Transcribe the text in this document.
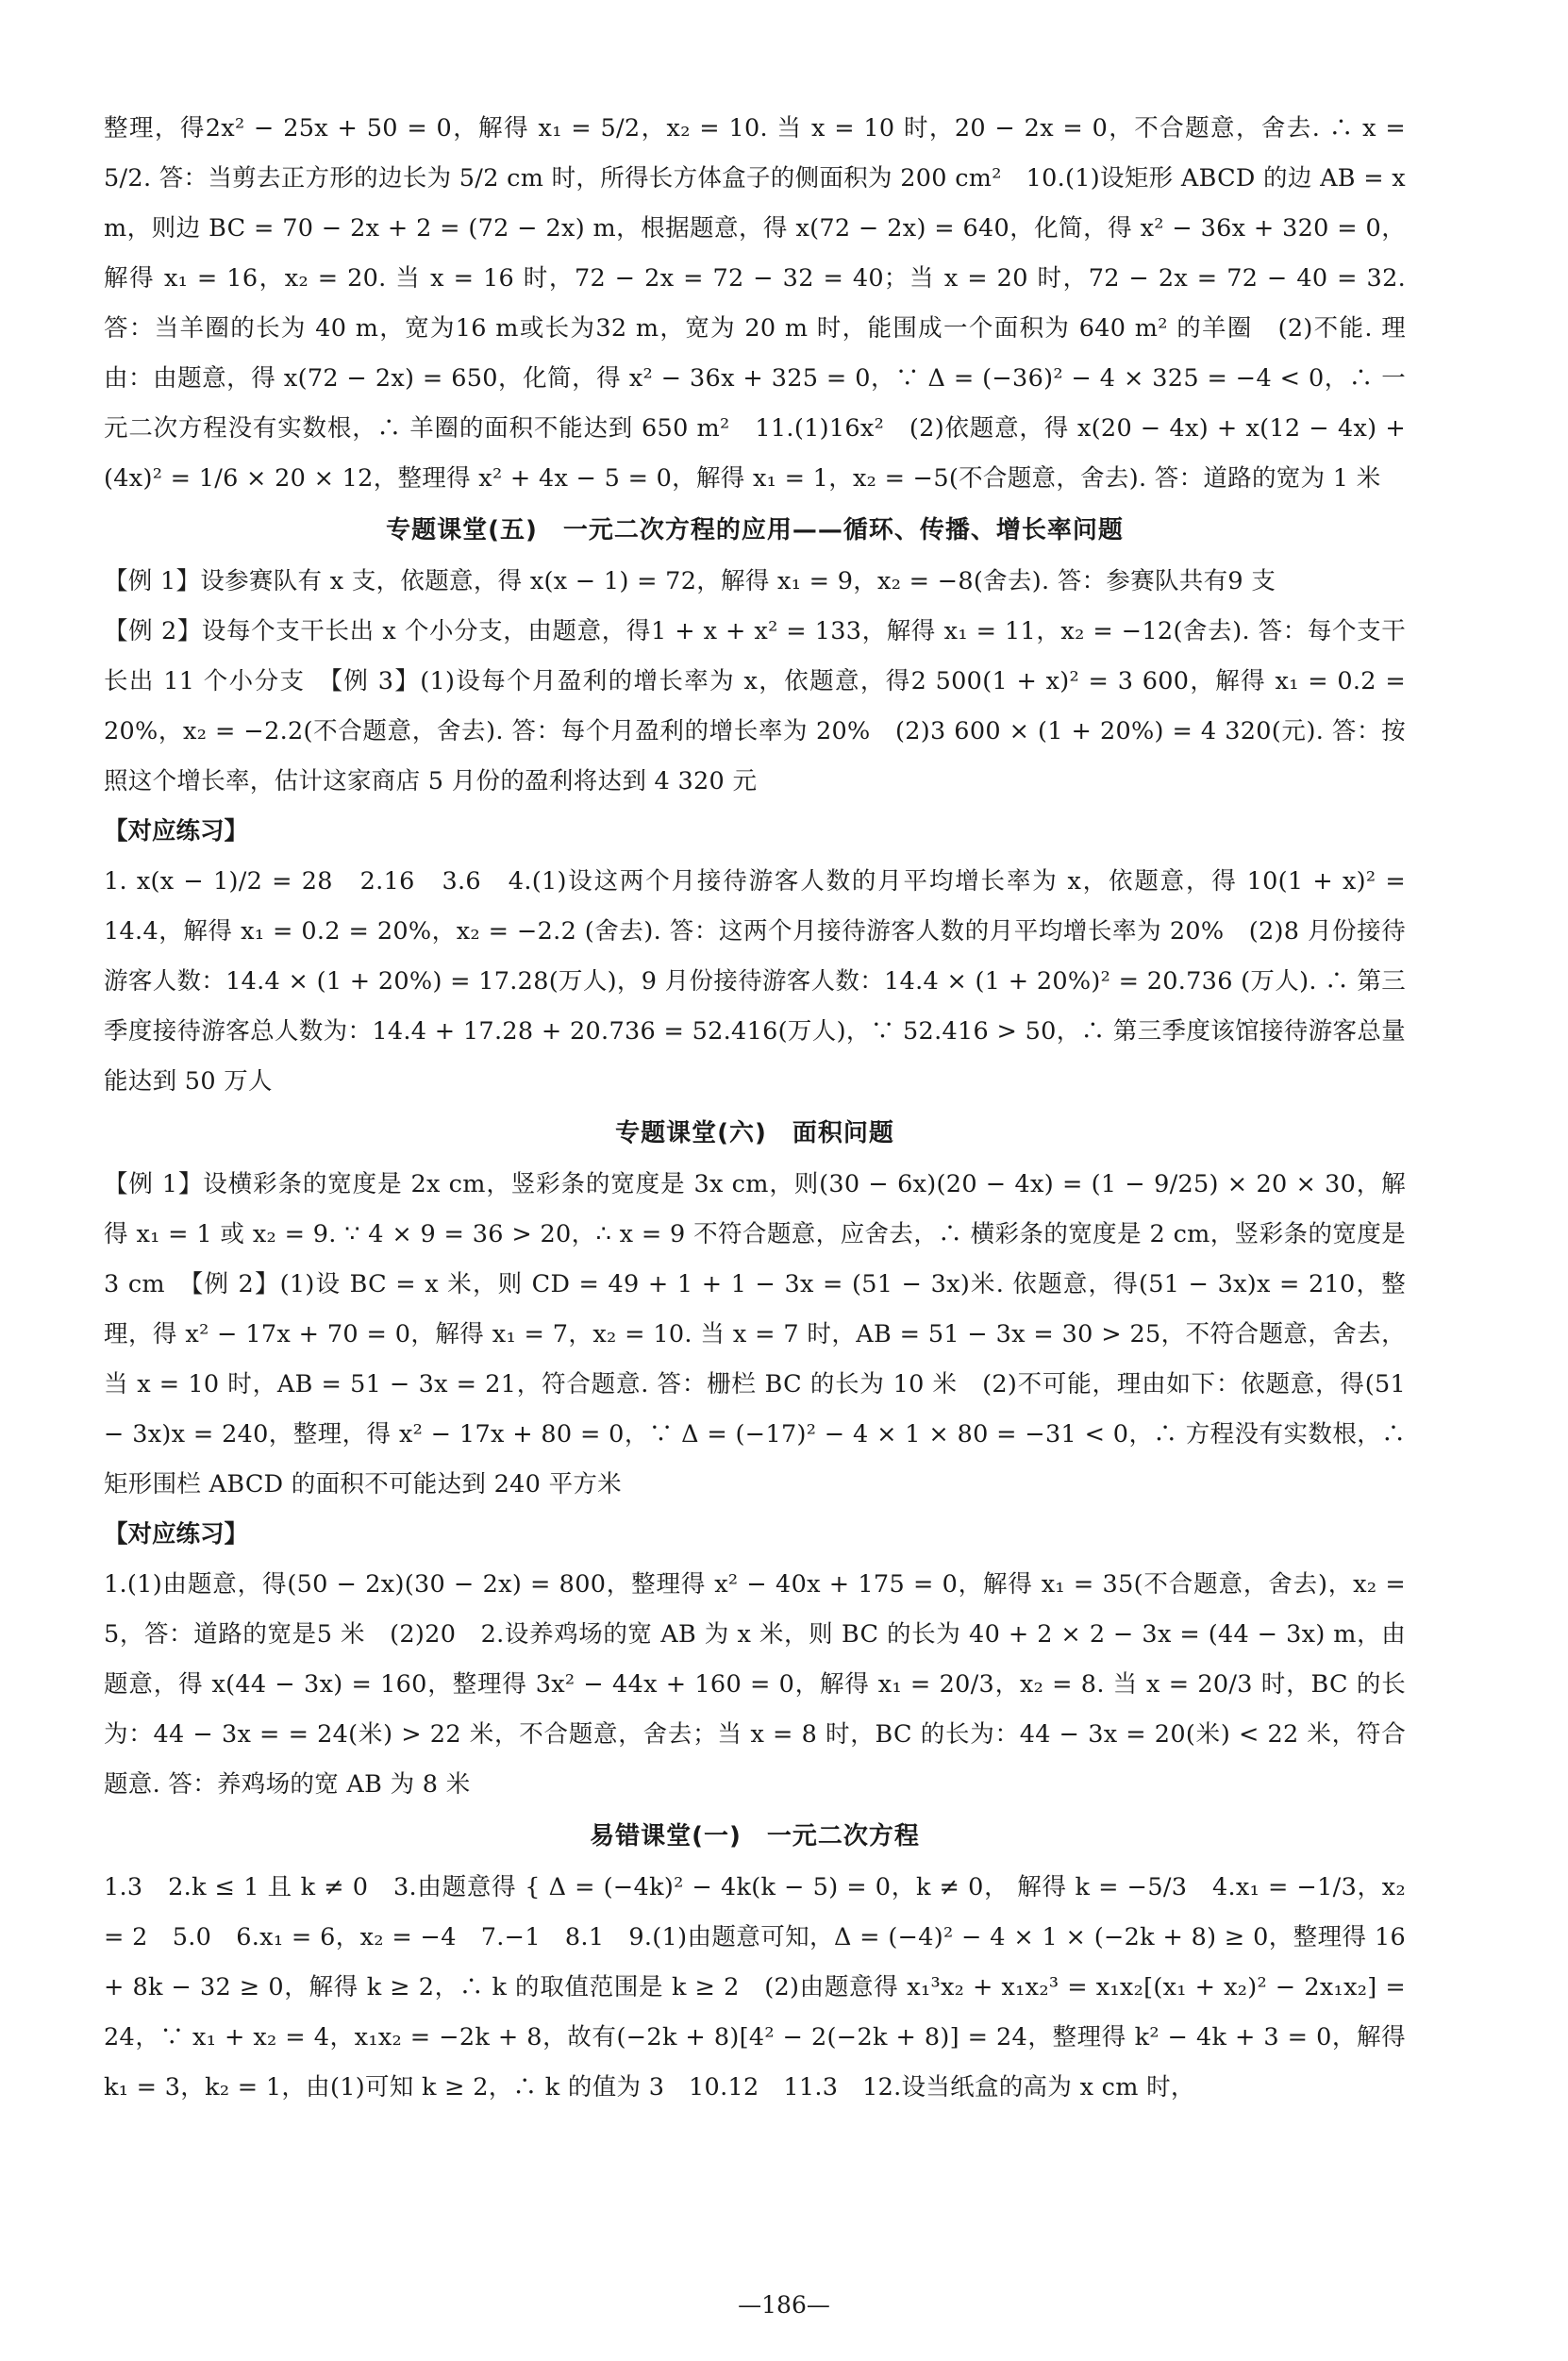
整理，得2x² − 25x + 50 = 0，解得 x₁ = 5/2，x₂ = 10. 当 x = 10 时，20 − 2x = 0，不合题意，舍去. ∴ x = 5/2. 答：当剪去正方形的边长为 5/2 cm 时，所得长方体盒子的侧面积为 200 cm²　10.(1)设矩形 ABCD 的边 AB = x m，则边 BC = 70 − 2x + 2 = (72 − 2x) m，根据题意，得 x(72 − 2x) = 640，化简，得 x² − 36x + 320 = 0，解得 x₁ = 16，x₂ = 20. 当 x = 16 时，72 − 2x = 72 − 32 = 40；当 x = 20 时，72 − 2x = 72 − 40 = 32. 答：当羊圈的长为 40 m，宽为16 m或长为32 m，宽为 20 m 时，能围成一个面积为 640 m² 的羊圈　(2)不能. 理由：由题意，得 x(72 − 2x) = 650，化简，得 x² − 36x + 325 = 0，∵ Δ = (−36)² − 4 × 325 = −4 < 0，∴ 一元二次方程没有实数根，∴ 羊圈的面积不能达到 650 m²　11.(1)16x²　(2)依题意，得 x(20 − 4x) + x(12 − 4x) + (4x)² = 1/6 × 20 × 12，整理得 x² + 4x − 5 = 0，解得 x₁ = 1，x₂ = −5(不合题意，舍去). 答：道路的宽为 1 米

专题课堂(五)　一元二次方程的应用——循环、传播、增长率问题

【例 1】设参赛队有 x 支，依题意，得 x(x − 1) = 72，解得 x₁ = 9，x₂ = −8(舍去). 答：参赛队共有9 支

【例 2】设每个支干长出 x 个小分支，由题意，得1 + x + x² = 133，解得 x₁ = 11，x₂ = −12(舍去). 答：每个支干长出 11 个小分支　【例 3】(1)设每个月盈利的增长率为 x，依题意，得2 500(1 + x)² = 3 600，解得 x₁ = 0.2 = 20%，x₂ = −2.2(不合题意，舍去). 答：每个月盈利的增长率为 20%　(2)3 600 × (1 + 20%) = 4 320(元). 答：按照这个增长率，估计这家商店 5 月份的盈利将达到 4 320 元

【对应练习】

1. x(x − 1)/2 = 28　2.16　3.6　4.(1)设这两个月接待游客人数的月平均增长率为 x，依题意，得 10(1 + x)² = 14.4，解得 x₁ = 0.2 = 20%，x₂ = −2.2 (舍去). 答：这两个月接待游客人数的月平均增长率为 20%　(2)8 月份接待游客人数：14.4 × (1 + 20%) = 17.28(万人)，9 月份接待游客人数：14.4 × (1 + 20%)² = 20.736 (万人). ∴ 第三季度接待游客总人数为：14.4 + 17.28 + 20.736 = 52.416(万人)，∵ 52.416 > 50，∴ 第三季度该馆接待游客总量能达到 50 万人

专题课堂(六)　面积问题

【例 1】设横彩条的宽度是 2x cm，竖彩条的宽度是 3x cm，则(30 − 6x)(20 − 4x) = (1 − 9/25) × 20 × 30，解得 x₁ = 1 或 x₂ = 9. ∵ 4 × 9 = 36 > 20，∴ x = 9 不符合题意，应舍去，∴ 横彩条的宽度是 2 cm，竖彩条的宽度是 3 cm　【例 2】(1)设 BC = x 米，则 CD = 49 + 1 + 1 − 3x = (51 − 3x)米. 依题意，得(51 − 3x)x = 210，整理，得 x² − 17x + 70 = 0，解得 x₁ = 7，x₂ = 10. 当 x = 7 时，AB = 51 − 3x = 30 > 25，不符合题意，舍去，当 x = 10 时，AB = 51 − 3x = 21，符合题意. 答：栅栏 BC 的长为 10 米　(2)不可能，理由如下：依题意，得(51 − 3x)x = 240，整理，得 x² − 17x + 80 = 0，∵ Δ = (−17)² − 4 × 1 × 80 = −31 < 0，∴ 方程没有实数根，∴ 矩形围栏 ABCD 的面积不可能达到 240 平方米

【对应练习】

1.(1)由题意，得(50 − 2x)(30 − 2x) = 800，整理得 x² − 40x + 175 = 0，解得 x₁ = 35(不合题意，舍去)，x₂ = 5，答：道路的宽是5 米　(2)20　2.设养鸡场的宽 AB 为 x 米，则 BC 的长为 40 + 2 × 2 − 3x = (44 − 3x) m，由题意，得 x(44 − 3x) = 160，整理得 3x² − 44x + 160 = 0，解得 x₁ = 20/3，x₂ = 8. 当 x = 20/3 时，BC 的长为：44 − 3x = = 24(米) > 22 米，不合题意，舍去；当 x = 8 时，BC 的长为：44 − 3x = 20(米) < 22 米，符合题意. 答：养鸡场的宽 AB 为 8 米

易错课堂(一)　一元二次方程

1.3　2.k ≤ 1 且 k ≠ 0　3.由题意得 { Δ = (−4k)² − 4k(k − 5) = 0，k ≠ 0， 解得 k = −5/3　4.x₁ = −1/3，x₂ = 2　5.0　6.x₁ = 6，x₂ = −4　7.−1　8.1　9.(1)由题意可知，Δ = (−4)² − 4 × 1 × (−2k + 8) ≥ 0，整理得 16 + 8k − 32 ≥ 0，解得 k ≥ 2，∴ k 的取值范围是 k ≥ 2　(2)由题意得 x₁³x₂ + x₁x₂³ = x₁x₂[(x₁ + x₂)² − 2x₁x₂] = 24，∵ x₁ + x₂ = 4，x₁x₂ = −2k + 8，故有(−2k + 8)[4² − 2(−2k + 8)] = 24，整理得 k² − 4k + 3 = 0，解得 k₁ = 3，k₂ = 1，由(1)可知 k ≥ 2，∴ k 的值为 3　10.12　11.3　12.设当纸盒的高为 x cm 时，

—186—
